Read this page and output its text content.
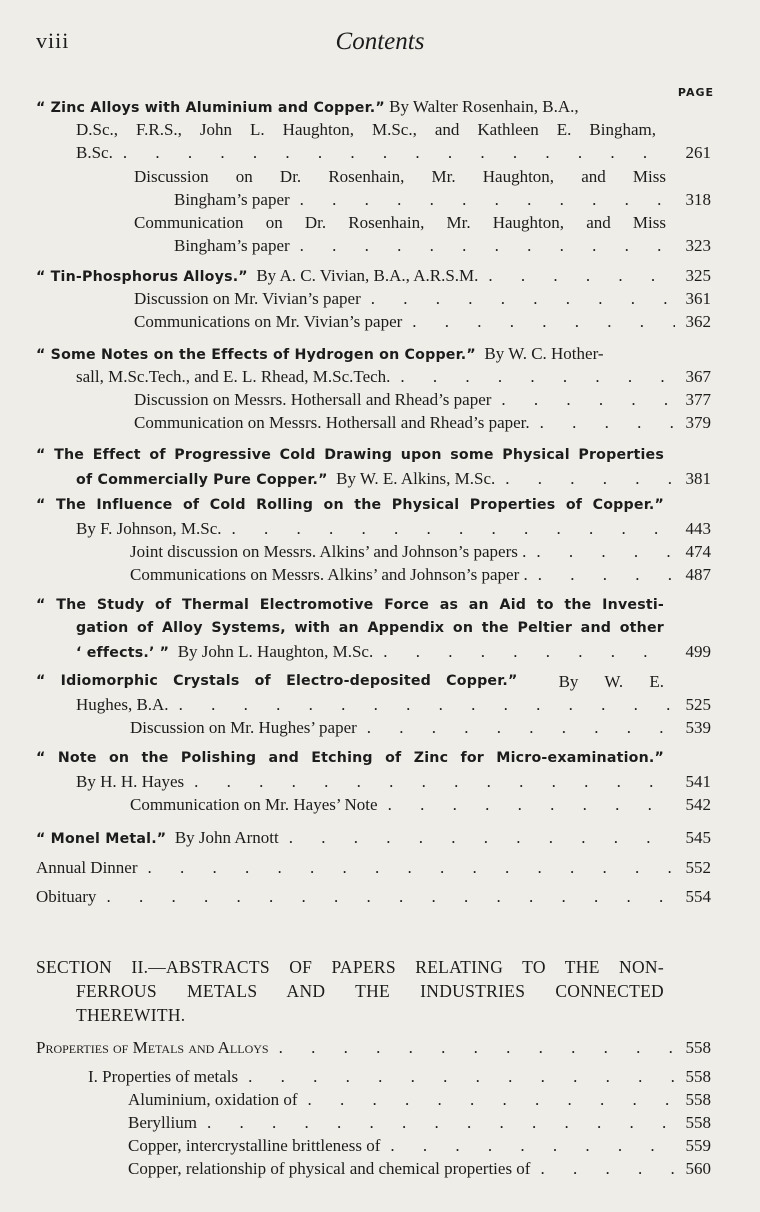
viii	Contents
PAGE
“ Zinc Alloys with Aluminium and Copper.” By Walter Rosenhain, B.A.,
D.Sc., F.R.S., John L. Haughton, M.Sc., and Kathleen E. Bingham,
B.Sc. . . .	261
Discussion on Dr. Rosenhain, Mr. Haughton, and Miss
Bingham’s paper . . .	318
Communication on Dr. Rosenhain, Mr. Haughton, and Miss
Bingham’s paper . . .	323
“ Tin-Phosphorus Alloys.” By A. C. Vivian, B.A., A.R.S.M. . . .	325
Discussion on Mr. Vivian’s paper . . .	361
Communications on Mr. Vivian’s paper . . .	362
“ Some Notes on the Effects of Hydrogen on Copper.” By W. C. Hother-
sall, M.Sc.Tech., and E. L. Rhead, M.Sc.Tech. . . .	367
Discussion on Messrs. Hothersall and Rhead’s paper . . .	377
Communication on Messrs. Hothersall and Rhead’s paper. . . .	379
“ The Effect of Progressive Cold Drawing upon some Physical Properties
of Commercially Pure Copper.” By W. E. Alkins, M.Sc. . . .	381
“ The Influence of Cold Rolling on the Physical Properties of Copper.”
By F. Johnson, M.Sc. . . .	443
Joint discussion on Messrs. Alkins’ and Johnson’s papers . . . .	474
Communications on Messrs. Alkins’ and Johnson’s paper . . . .	487
“ The Study of Thermal Electromotive Force as an Aid to the Investi-
gation of Alloy Systems, with an Appendix on the Peltier and other
‘ effects.’ ” By John L. Haughton, M.Sc. . . .	499
“ Idiomorphic Crystals of Electro-deposited Copper.” By W. E.
Hughes, B.A. . . .	525
Discussion on Mr. Hughes’ paper . . .	539
“ Note on the Polishing and Etching of Zinc for Micro-examination.”
By H. H. Hayes . . .	541
Communication on Mr. Hayes’ Note . . .	542
“ Monel Metal.” By John Arnott . . .	545
Annual Dinner . . .	552
Obituary . . .	554
SECTION II.—ABSTRACTS OF PAPERS RELATING TO THE NON-
FERROUS METALS AND THE INDUSTRIES CONNECTED
THEREWITH.
Properties of Metals and Alloys . . .	558
I. Properties of metals . . .	558
Aluminium, oxidation of . . .	558
Beryllium . . .	558
Copper, intercrystalline brittleness of . . .	559
Copper, relationship of physical and chemical properties of . . .	560
